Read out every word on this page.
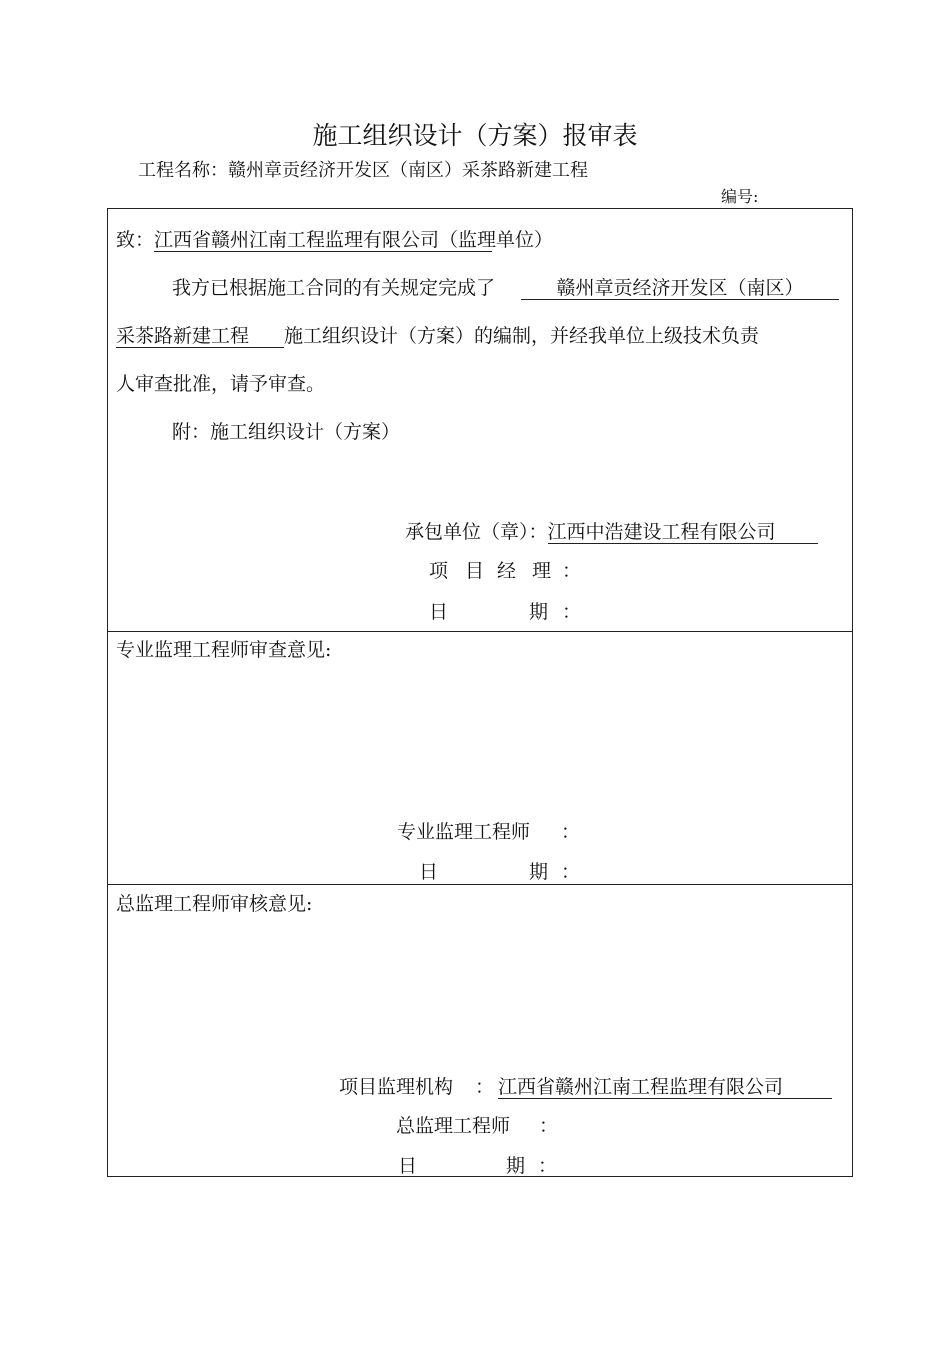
施工组织设计（方案）报审表
工程名称：赣州章贡经济开发区（南区）采茶路新建工程
编号:
致：江西省赣州江南工程监理有限公司（监理单位）
我方已根据施工合同的有关规定完成了	赣州章贡经济开发区（南区）
采茶路新建工程 施工组织设计（方案）的编制，并经我单位上级技术负责
人审查批准，请予审查。
附：施工组织设计（方案）
承包单位（章）：江西中浩建设工程有限公司
项 目 经 理 ：
日	期 ：
专业监理工程师审查意见:
专业监理工程师 ：
日	期 ：
总监理工程师审核意见:
项目监理机构 ： 江西省赣州江南工程监理有限公司
总监理工程师 ：
日	期 ：
